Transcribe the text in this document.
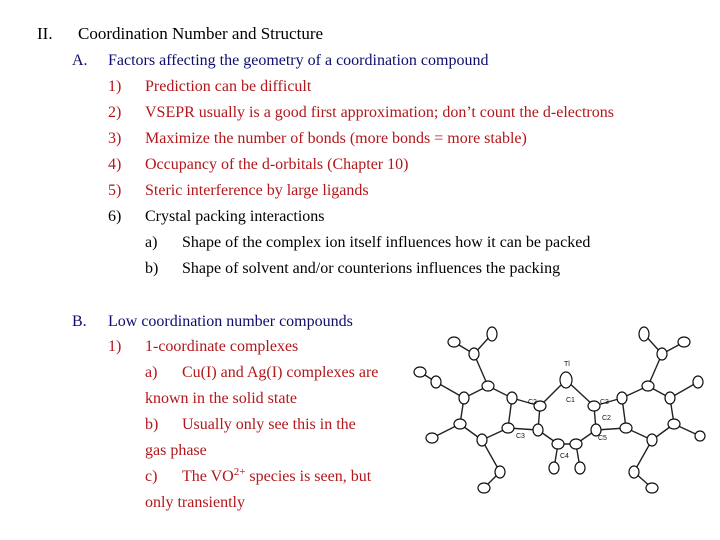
II. Coordination Number and Structure
A. Factors affecting the geometry of a coordination compound
1) Prediction can be difficult
2) VSEPR usually is a good first approximation; don’t count the d-electrons
3) Maximize the number of bonds (more bonds = more stable)
4) Occupancy of the d-orbitals (Chapter 10)
5) Steric interference by large ligands
6) Crystal packing interactions
a) Shape of the complex ion itself influences how it can be packed
b) Shape of solvent and/or counterions influences the packing
B. Low coordination number compounds
1) 1-coordinate complexes
a) Cu(I) and Ag(I) complexes are
known in the solid state
b) Usually only see this in the
gas phase
c) The $VO^{2+}$ species is seen, but
only transiently
Tl
C1
C2	C3
C4
C5
C3
C2
